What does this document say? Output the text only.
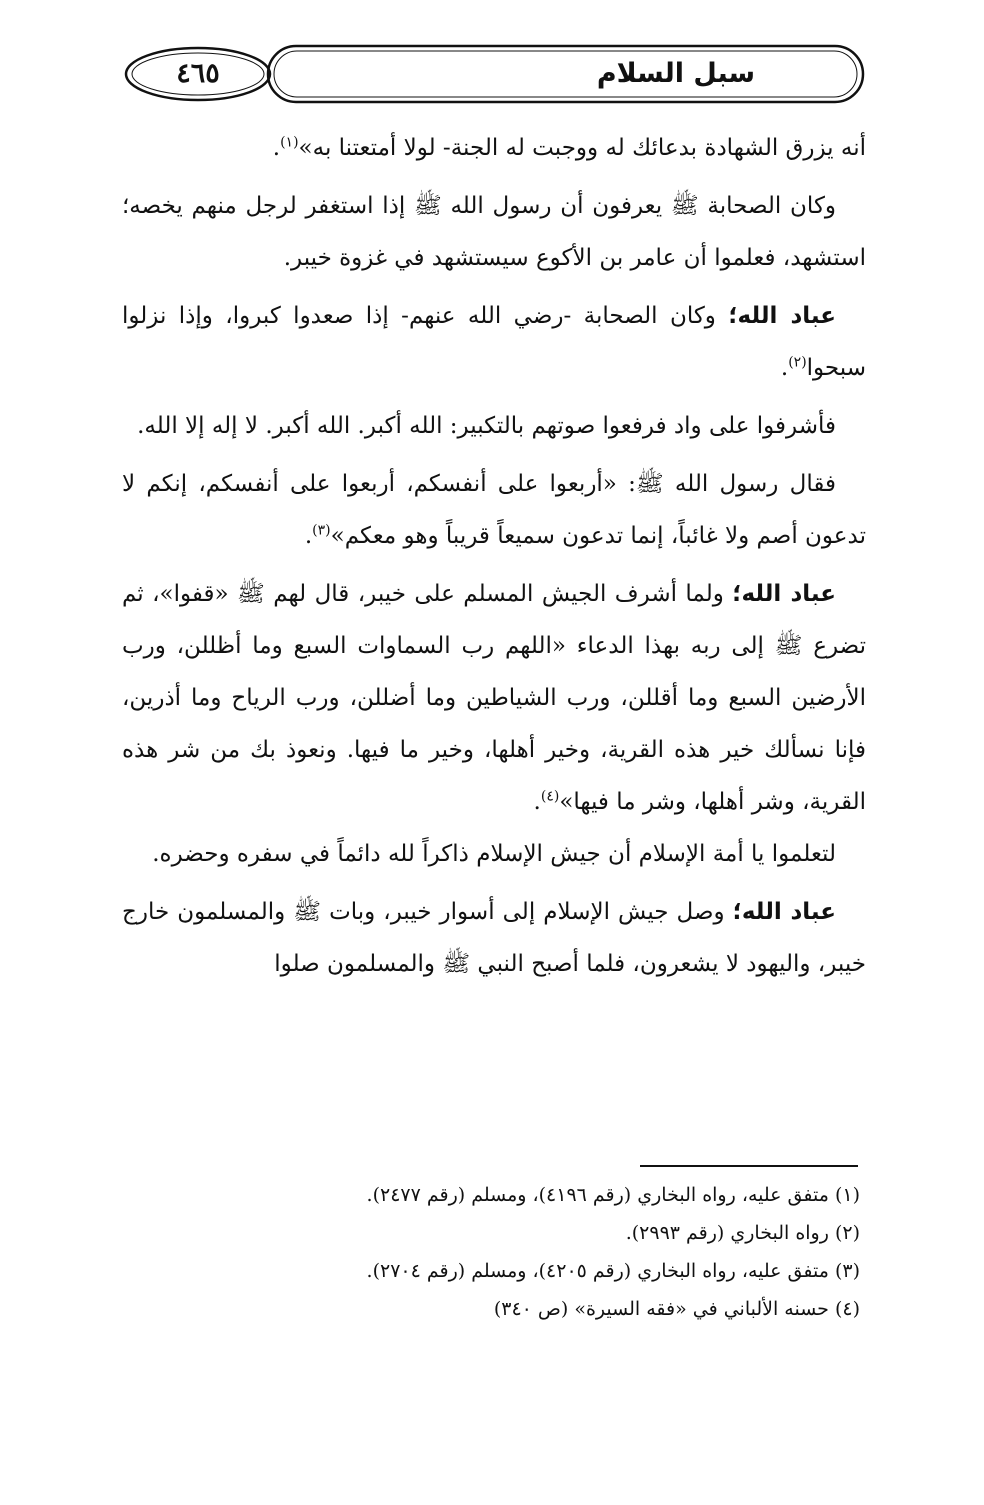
٤٦٥	سبل السلام

أنه يزرق الشهادة بدعائك له ووجبت له الجنة- لولا أمتعتنا به»$^{(١)}$.

وكان الصحابة ﷺ يعرفون أن رسول الله ﷺ إذا استغفر لرجل منهم يخصه؛ استشهد، فعلموا أن عامر بن الأكوع سيستشهد في غزوة خيبر.

عباد الله؛ وكان الصحابة -رضي الله عنهم- إذا صعدوا كبروا، وإذا نزلوا سبحوا$^{(٢)}$.

فأشرفوا على واد فرفعوا صوتهم بالتكبير: الله أكبر. الله أكبر. لا إله إلا الله.

فقال رسول الله ﷺ: «أربعوا على أنفسكم، أربعوا على أنفسكم، إنكم لا تدعون أصم ولا غائباً، إنما تدعون سميعاً قريباً وهو معكم»$^{(٣)}$.

عباد الله؛ ولما أشرف الجيش المسلم على خيبر، قال لهم ﷺ «قفوا»، ثم تضرع ﷺ إلى ربه بهذا الدعاء «اللهم رب السماوات السبع وما أظللن، ورب الأرضين السبع وما أقللن، ورب الشياطين وما أضللن، ورب الرياح وما أذرين، فإنا نسألك خير هذه القرية، وخير أهلها، وخير ما فيها. ونعوذ بك من شر هذه القرية، وشر أهلها، وشر ما فيها»$^{(٤)}$.

لتعلموا يا أمة الإسلام أن جيش الإسلام ذاكراً لله دائماً في سفره وحضره.

عباد الله؛ وصل جيش الإسلام إلى أسوار خيبر، وبات ﷺ والمسلمون خارج خيبر، واليهود لا يشعرون، فلما أصبح النبي ﷺ والمسلمون صلوا

(١) متفق عليه، رواه البخاري (رقم ٤١٩٦)، ومسلم (رقم ٢٤٧٧).

(٢) رواه البخاري (رقم ٢٩٩٣).

(٣) متفق عليه، رواه البخاري (رقم ٤٢٠٥)، ومسلم (رقم ٢٧٠٤).

(٤) حسنه الألباني في «فقه السيرة» (ص ٣٤٠)
